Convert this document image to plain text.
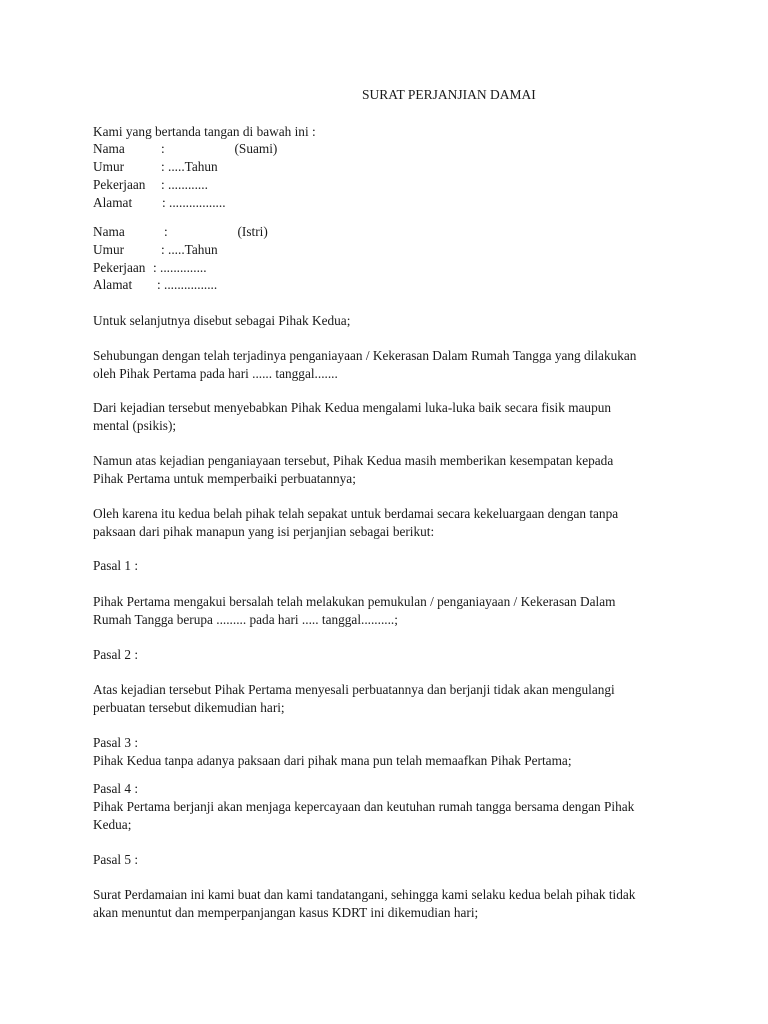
SURAT PERJANJIAN DAMAI
Kami yang bertanda tangan di bawah ini :
Nama	:                     (Suami)
Umur	: .....Tahun
Pekerjaan : ............
Alamat : .................
Nama	:                     (Istri)
Umur	: .....Tahun
Pekerjaan : ..............
Alamat : ................
Untuk selanjutnya disebut sebagai Pihak Kedua;
Sehubungan dengan telah terjadinya penganiayaan / Kekerasan Dalam Rumah Tangga yang dilakukan
oleh Pihak Pertama pada hari ...... tanggal.......
Dari kejadian tersebut menyebabkan Pihak Kedua mengalami luka-luka baik secara fisik maupun
mental (psikis);
Namun atas kejadian penganiayaan tersebut, Pihak Kedua masih memberikan kesempatan kepada
Pihak Pertama untuk memperbaiki perbuatannya;
Oleh karena itu kedua belah pihak telah sepakat untuk berdamai secara kekeluargaan dengan tanpa
paksaan dari pihak manapun yang isi perjanjian sebagai berikut:
Pasal 1 :
Pihak Pertama mengakui bersalah telah melakukan pemukulan / penganiayaan / Kekerasan Dalam
Rumah Tangga berupa ......... pada hari ..... tanggal..........;
Pasal 2 :
Atas kejadian tersebut Pihak Pertama menyesali perbuatannya dan berjanji tidak akan mengulangi
perbuatan tersebut dikemudian hari;
Pasal 3 :
Pihak Kedua tanpa adanya paksaan dari pihak mana pun telah memaafkan Pihak Pertama;
Pasal 4 :
Pihak Pertama berjanji akan menjaga kepercayaan dan keutuhan rumah tangga bersama dengan Pihak
Kedua;
Pasal 5 :
Surat Perdamaian ini kami buat dan kami tandatangani, sehingga kami selaku kedua belah pihak tidak
akan menuntut dan memperpanjangan kasus KDRT ini dikemudian hari;
